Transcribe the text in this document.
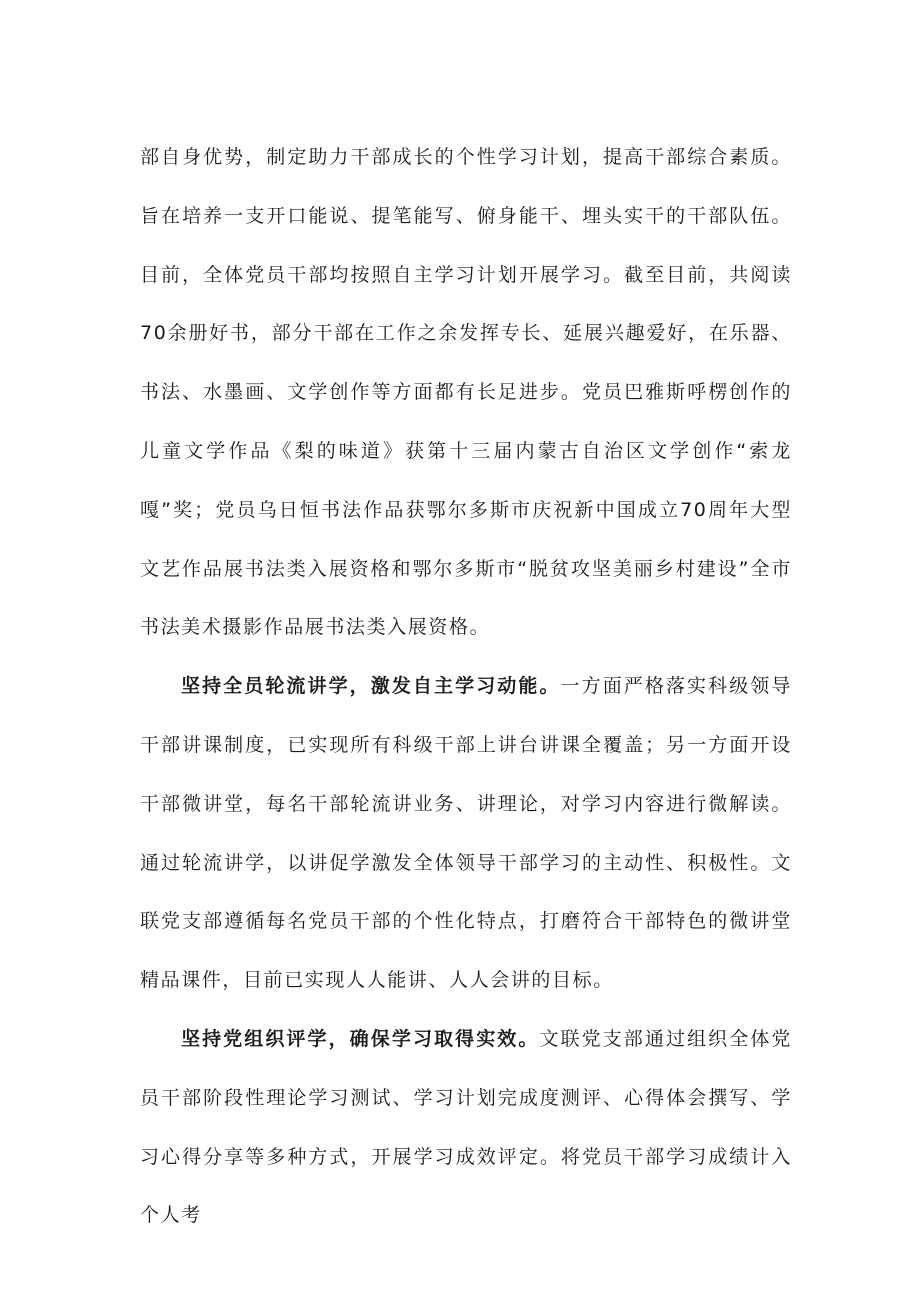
部自身优势，制定助力干部成长的个性学习计划，提高干部综合素质。旨在培养一支开口能说、提笔能写、俯身能干、埋头实干的干部队伍。目前，全体党员干部均按照自主学习计划开展学习。截至目前，共阅读70余册好书，部分干部在工作之余发挥专长、延展兴趣爱好，在乐器、书法、水墨画、文学创作等方面都有长足进步。党员巴雅斯呼楞创作的儿童文学作品《梨的味道》获第十三届内蒙古自治区文学创作“索龙嘎”奖；党员乌日恒书法作品获鄂尔多斯市庆祝新中国成立70周年大型文艺作品展书法类入展资格和鄂尔多斯市“脱贫攻坚美丽乡村建设”全市书法美术摄影作品展书法类入展资格。

坚持全员轮流讲学，激发自主学习动能。一方面严格落实科级领导干部讲课制度，已实现所有科级干部上讲台讲课全覆盖；另一方面开设干部微讲堂，每名干部轮流讲业务、讲理论，对学习内容进行微解读。通过轮流讲学，以讲促学激发全体领导干部学习的主动性、积极性。文联党支部遵循每名党员干部的个性化特点，打磨符合干部特色的微讲堂精品课件，目前已实现人人能讲、人人会讲的目标。

坚持党组织评学，确保学习取得实效。文联党支部通过组织全体党员干部阶段性理论学习测试、学习计划完成度测评、心得体会撰写、学习心得分享等多种方式，开展学习成效评定。将党员干部学习成绩计入个人考
